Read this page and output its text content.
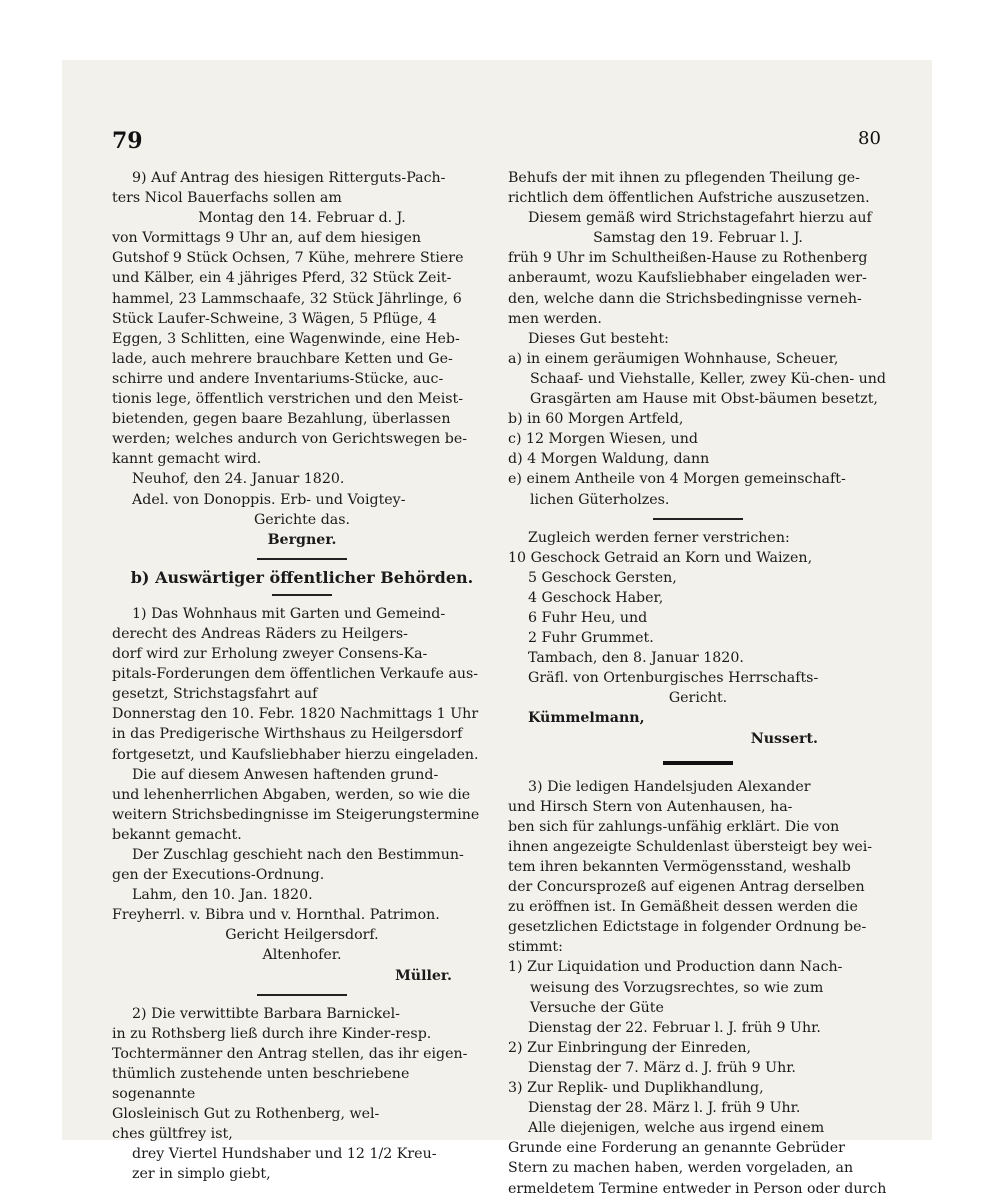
79	80

9) Auf Antrag des hiesigen Ritterguts-Pach-

ters Nicol Bauerfachs sollen am

Montag den 14. Februar d. J.

von Vormittags 9 Uhr an, auf dem hiesigen

Gutshof 9 Stück Ochsen, 7 Kühe, mehrere Stiere

und Kälber, ein 4 jähriges Pferd, 32 Stück Zeit-

hammel, 23 Lammschaafe, 32 Stück Jährlinge, 6

Stück Laufer-Schweine, 3 Wägen, 5 Pflüge, 4

Eggen, 3 Schlitten, eine Wagenwinde, eine Heb-

lade, auch mehrere brauchbare Ketten und Ge-

schirre und andere Inventariums-Stücke, auc-

tionis lege, öffentlich verstrichen und den Meist-

bietenden, gegen baare Bezahlung, überlassen

werden; welches andurch von Gerichtswegen be-

kannt gemacht wird.

Neuhof, den 24. Januar 1820.

Adel. von Donoppis. Erb- und Voigtey-

Gerichte das.

Bergner.

b) Auswärtiger öffentlicher Behörden.

1) Das Wohnhaus mit Garten und Gemeind-

derecht des Andreas Räders zu Heilgers-

dorf wird zur Erholung zweyer Consens-Ka-

pitals-Forderungen dem öffentlichen Verkaufe aus-

gesetzt, Strichstagsfahrt auf

Donnerstag den 10. Febr. 1820 Nachmittags 1 Uhr

in das Predigerische Wirthshaus zu Heilgersdorf

fortgesetzt, und Kaufsliebhaber hierzu eingeladen.

Die auf diesem Anwesen haftenden grund-

und lehenherrlichen Abgaben, werden, so wie die

weitern Strichsbedingnisse im Steigerungstermine

bekannt gemacht.

Der Zuschlag geschieht nach den Bestimmun-

gen der Executions-Ordnung.

Lahm, den 10. Jan. 1820.

Freyherrl. v. Bibra und v. Hornthal. Patrimon.

Gericht Heilgersdorf.

Altenhofer.

Müller.

2) Die verwittibte Barbara Barnickel-

in zu Rothsberg ließ durch ihre Kinder-resp.

Tochtermänner den Antrag stellen, das ihr eigen-

thümlich zustehende unten beschriebene sogenannte

Glosleinisch Gut zu Rothenberg, wel-

ches gültfrey ist,

drey Viertel Hundshaber und 12 1/2 Kreu-

zer in simplo giebt,

Behufs der mit ihnen zu pflegenden Theilung ge-

richtlich dem öffentlichen Aufstriche auszusetzen.

Diesem gemäß wird Strichstagefahrt hierzu auf

Samstag den 19. Februar l. J.

früh 9 Uhr im Schultheißen-Hause zu Rothenberg

anberaumt, wozu Kaufsliebhaber eingeladen wer-

den, welche dann die Strichsbedingnisse verneh-

men werden.

Dieses Gut besteht:

a) in einem geräumigen Wohnhause, Scheuer, Schaaf- und Viehstalle, Keller, zwey Kü-chen- und Grasgärten am Hause mit Obst-bäumen besetzt,

b) in 60 Morgen Artfeld,

c) 12 Morgen Wiesen, und

d) 4 Morgen Waldung, dann

e) einem Antheile von 4 Morgen gemeinschaft-lichen Güterholzes.

Zugleich werden ferner verstrichen:

10 Geschock Getraid an Korn und Waizen,

5 Geschock Gersten,

4 Geschock Haber,

6 Fuhr Heu, und

2 Fuhr Grummet.

Tambach, den 8. Januar 1820.

Gräfl. von Ortenburgisches Herrschafts-

Gericht.

Kümmelmann,

Nussert.

3) Die ledigen Handelsjuden Alexander

und Hirsch Stern von Autenhausen, ha-

ben sich für zahlungs-unfähig erklärt. Die von

ihnen angezeigte Schuldenlast übersteigt bey wei-

tem ihren bekannten Vermögensstand, weshalb

der Concursprozeß auf eigenen Antrag derselben

zu eröffnen ist. In Gemäßheit dessen werden die

gesetzlichen Edictstage in folgender Ordnung be-

stimmt:

1) Zur Liquidation und Production dann Nach-weisung des Vorzugsrechtes, so wie zum Versuche der Güte

Dienstag der 22. Februar l. J. früh 9 Uhr.

2) Zur Einbringung der Einreden,

Dienstag der 7. März d. J. früh 9 Uhr.

3) Zur Replik- und Duplikhandlung,

Dienstag der 28. März l. J. früh 9 Uhr.

Alle diejenigen, welche aus irgend einem

Grunde eine Forderung an genannte Gebrüder

Stern zu machen haben, werden vorgeladen, an

ermeldetem Termine entweder in Person oder durch
